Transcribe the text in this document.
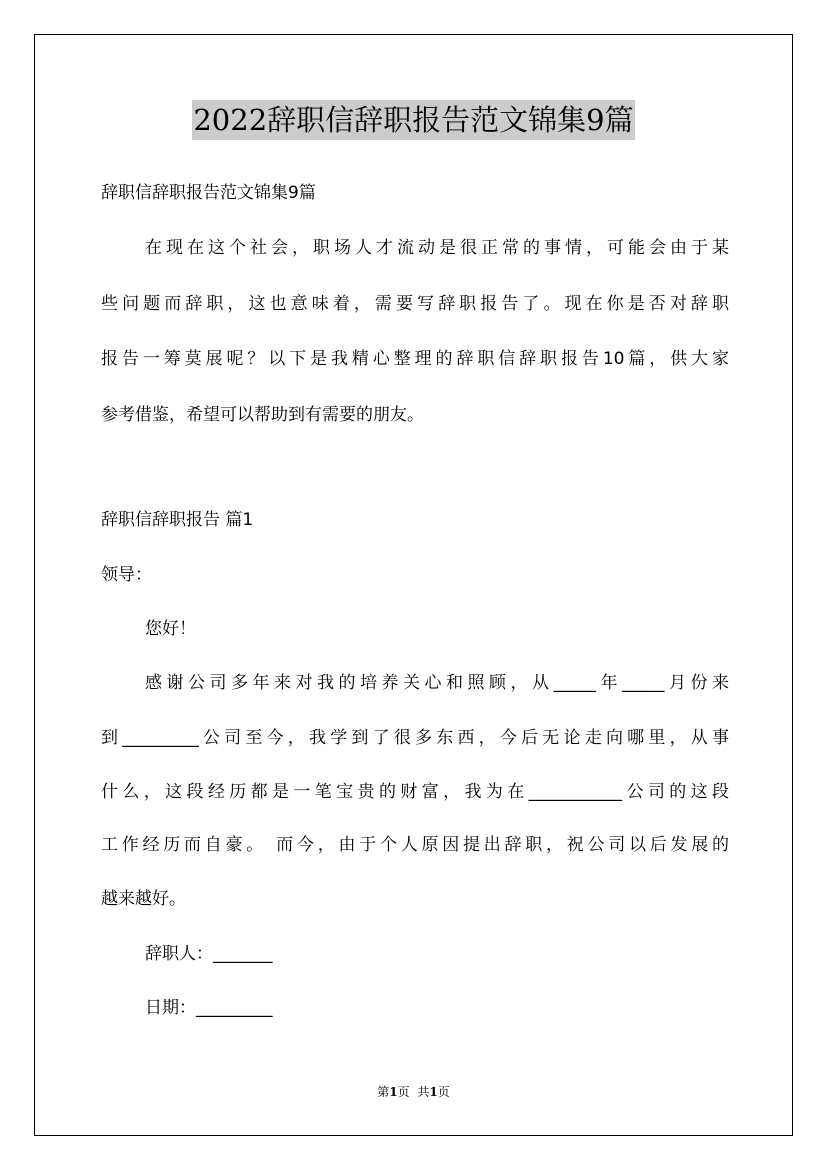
2022辞职信辞职报告范文锦集9篇
辞职信辞职报告范文锦集9篇
在现在这个社会，职场人才流动是很正常的事情，可能会由于某
些问题而辞职，这也意味着，需要写辞职报告了。现在你是否对辞职
报告一筹莫展呢？以下是我精心整理的辞职信辞职报告10篇，供大家
参考借鉴，希望可以帮助到有需要的朋友。
辞职信辞职报告 篇1
领导：
您好！
感谢公司多年来对我的培养关心和照顾，从_____年_____月份来
到_________公司至今，我学到了很多东西，今后无论走向哪里，从事
什么，这段经历都是一笔宝贵的财富，我为在___________公司的这段
工作经历而自豪。 而今，由于个人原因提出辞职，祝公司以后发展的
越来越好。
辞职人：_______
日期：_________
第1页 共1页
